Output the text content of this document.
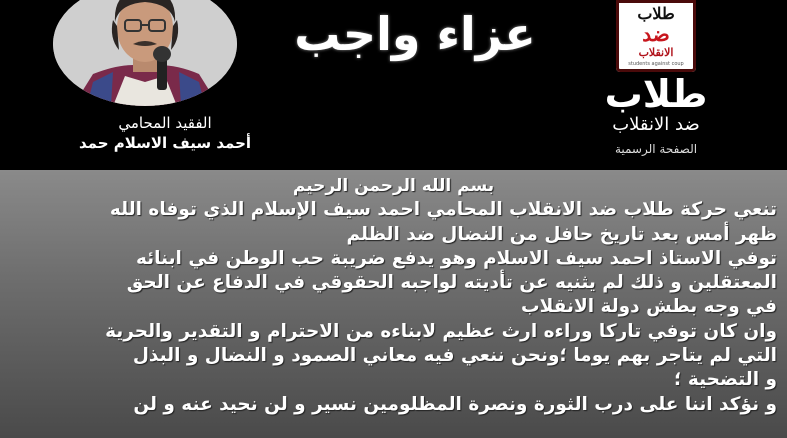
طلاب
ضد
الانقلاب
students against coup
طلاب
ضد الانقلاب
الصفحة الرسمية
عزاء واجب
الفقيد المحامي
أحمد سيف الاسلام حمد
بسم الله الرحمن الرحيم
تنعي حركة طلاب ضد الانقلاب المحامي احمد سيف الإسلام الذي توفاه الله
ظهر أمس بعد تاريخ حافل من النضال ضد الظلم
توفي الاستاذ احمد سيف الاسلام وهو يدفع ضريبة حب الوطن في ابنائه
المعتقلين و ذلك لم يثنيه عن تأديته لواجبه الحقوقي في الدفاع عن الحق
في وجه بطش دولة الانقلاب
وان كان توفي تاركا وراءه ارث عظيم لابناءه من الاحترام و التقدير والحرية
التي لم يتاجر بهم يوما ؛ونحن ننعي فيه معاني الصمود و النضال و البذل
و التضحية ؛
و نؤكد اننا على درب الثورة ونصرة المظلومين نسير و لن نحيد عنه و لن
